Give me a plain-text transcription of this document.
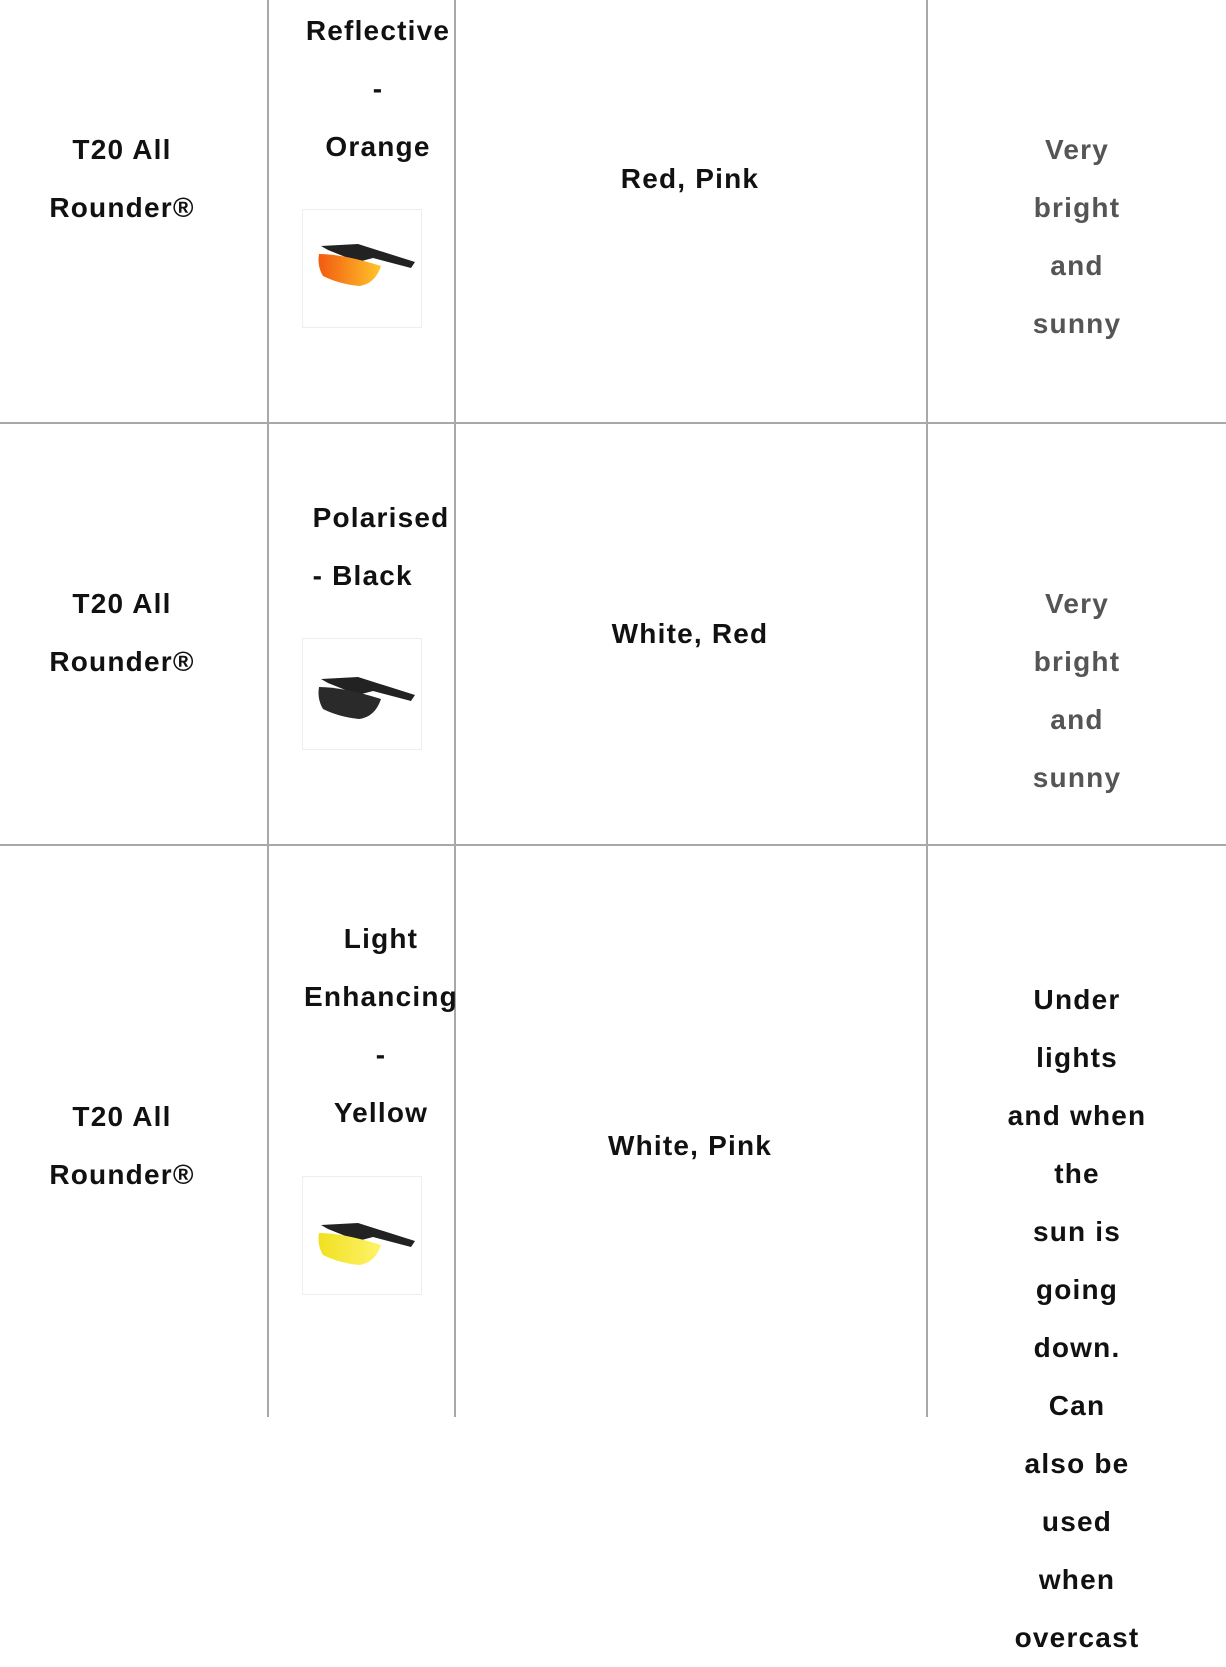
T20 All
Rounder®
Reflective
-
Orange
Red, Pink
Very bright
and sunny
T20 All
Rounder®
Polarised
- Black
White, Red
Very bright
and sunny
T20 All
Rounder®
Light
Enhancing
-
Yellow
White, Pink
Under lights
and when the
sun is going
down. Can
also be used
when overcast
